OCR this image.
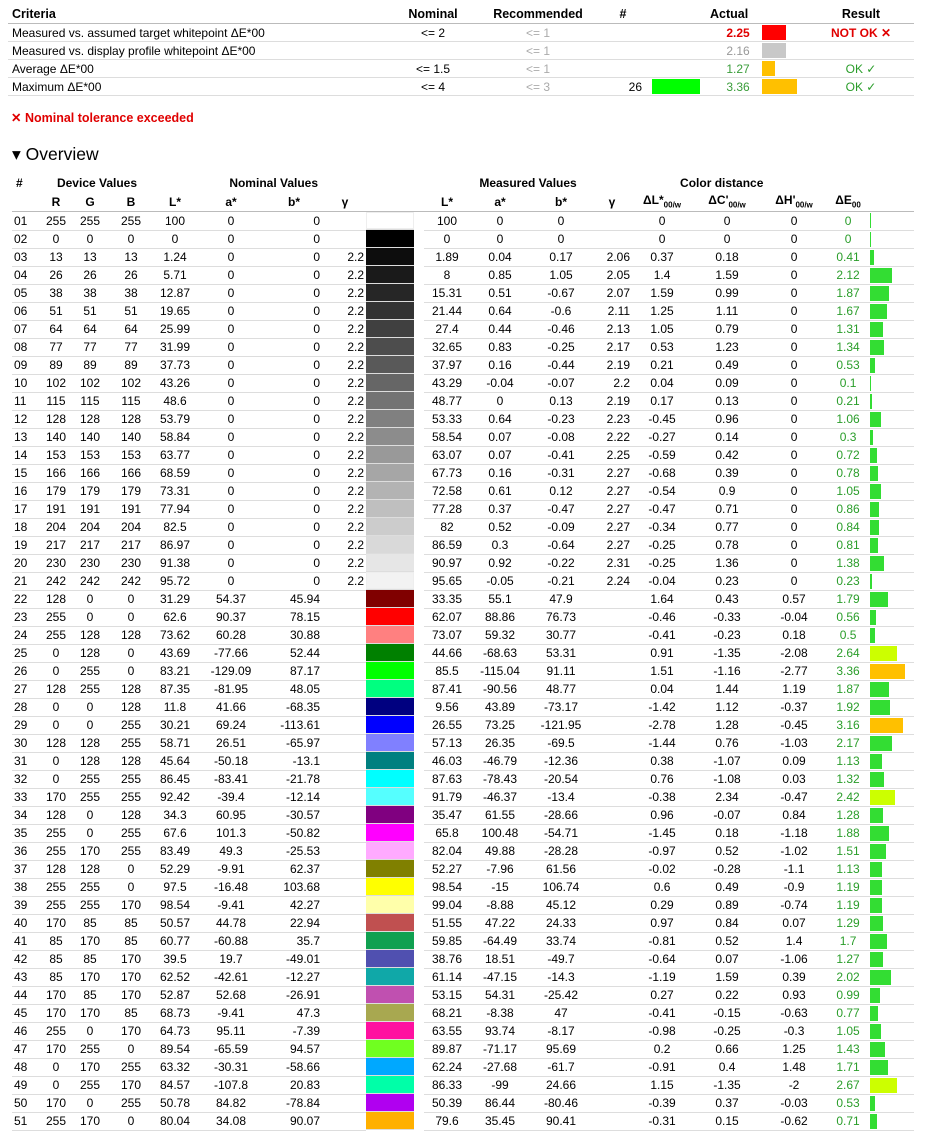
Criteria	Nominal	Recommended	#	Actual			Result
Measured vs. assumed target whitepoint ΔE*00	<= 2	<= 1			2.25		NOT OK ✕
Measured vs. display profile whitepoint ΔE*00		<= 1			2.16	

Average ΔE*00	<= 1.5	<= 1			1.27		OK ✓
Maximum ΔE*00	<= 4	<= 3	26		3.36		OK ✓
✕ Nominal tolerance exceeded
▾ Overview
#	Device Values			Nominal Values					Measured Values				Color distance				
	R	G	B	L*	a*	b*	γ		L*	a*	b*	γ	$\Delta L*_{00/w}$	$\Delta C'_{00/w}$	$\Delta H'_{00/w}$	$\Delta E_{00}$	
01	255	255	255	100	0	0		100	0	0		0	0	0	0	

02	0	0	0	0	0	0		0	0	0		0	0	0	0	

03	13	13	13	1.24	0	0	2.2	1.89	0.04	0.17	2.06	0.37	0.18	0	0.41	

04	26	26	26	5.71	0	0	2.2	8	0.85	1.05	2.05	1.4	1.59	0	2.12	

05	38	38	38	12.87	0	0	2.2	15.31	0.51	-0.67	2.07	1.59	0.99	0	1.87	

06	51	51	51	19.65	0	0	2.2	21.44	0.64	-0.6	2.11	1.25	1.11	0	1.67	

07	64	64	64	25.99	0	0	2.2	27.4	0.44	-0.46	2.13	1.05	0.79	0	1.31	

08	77	77	77	31.99	0	0	2.2	32.65	0.83	-0.25	2.17	0.53	1.23	0	1.34	

09	89	89	89	37.73	0	0	2.2	37.97	0.16	-0.44	2.19	0.21	0.49	0	0.53	

10	102	102	102	43.26	0	0	2.2	43.29	-0.04	-0.07	2.2	0.04	0.09	0	0.1	

11	115	115	115	48.6	0	0	2.2	48.77	0	0.13	2.19	0.17	0.13	0	0.21	

12	128	128	128	53.79	0	0	2.2	53.33	0.64	-0.23	2.23	-0.45	0.96	0	1.06	

13	140	140	140	58.84	0	0	2.2	58.54	0.07	-0.08	2.22	-0.27	0.14	0	0.3	

14	153	153	153	63.77	0	0	2.2	63.07	0.07	-0.41	2.25	-0.59	0.42	0	0.72	

15	166	166	166	68.59	0	0	2.2	67.73	0.16	-0.31	2.27	-0.68	0.39	0	0.78	

16	179	179	179	73.31	0	0	2.2	72.58	0.61	0.12	2.27	-0.54	0.9	0	1.05	

17	191	191	191	77.94	0	0	2.2	77.28	0.37	-0.47	2.27	-0.47	0.71	0	0.86	

18	204	204	204	82.5	0	0	2.2	82	0.52	-0.09	2.27	-0.34	0.77	0	0.84	

19	217	217	217	86.97	0	0	2.2	86.59	0.3	-0.64	2.27	-0.25	0.78	0	0.81	

20	230	230	230	91.38	0	0	2.2	90.97	0.92	-0.22	2.31	-0.25	1.36	0	1.38	

21	242	242	242	95.72	0	0	2.2	95.65	-0.05	-0.21	2.24	-0.04	0.23	0	0.23	

22	128	0	0	31.29	54.37	45.94		33.35	55.1	47.9		1.64	0.43	0.57	1.79	

23	255	0	0	62.6	90.37	78.15		62.07	88.86	76.73		-0.46	-0.33	-0.04	0.56	

24	255	128	128	73.62	60.28	30.88		73.07	59.32	30.77		-0.41	-0.23	0.18	0.5	

25	0	128	0	43.69	-77.66	52.44		44.66	-68.63	53.31		0.91	-1.35	-2.08	2.64	

26	0	255	0	83.21	-129.09	87.17		85.5	-115.04	91.11		1.51	-1.16	-2.77	3.36	

27	128	255	128	87.35	-81.95	48.05		87.41	-90.56	48.77		0.04	1.44	1.19	1.87	

28	0	0	128	11.8	41.66	-68.35		9.56	43.89	-73.17		-1.42	1.12	-0.37	1.92	

29	0	0	255	30.21	69.24	-113.61		26.55	73.25	-121.95		-2.78	1.28	-0.45	3.16	

30	128	128	255	58.71	26.51	-65.97		57.13	26.35	-69.5		-1.44	0.76	-1.03	2.17	

31	0	128	128	45.64	-50.18	-13.1		46.03	-46.79	-12.36		0.38	-1.07	0.09	1.13	

32	0	255	255	86.45	-83.41	-21.78		87.63	-78.43	-20.54		0.76	-1.08	0.03	1.32	

33	170	255	255	92.42	-39.4	-12.14		91.79	-46.37	-13.4		-0.38	2.34	-0.47	2.42	

34	128	0	128	34.3	60.95	-30.57		35.47	61.55	-28.66		0.96	-0.07	0.84	1.28	

35	255	0	255	67.6	101.3	-50.82		65.8	100.48	-54.71		-1.45	0.18	-1.18	1.88	

36	255	170	255	83.49	49.3	-25.53		82.04	49.88	-28.28		-0.97	0.52	-1.02	1.51	

37	128	128	0	52.29	-9.91	62.37		52.27	-7.96	61.56		-0.02	-0.28	-1.1	1.13	

38	255	255	0	97.5	-16.48	103.68		98.54	-15	106.74		0.6	0.49	-0.9	1.19	

39	255	255	170	98.54	-9.41	42.27		99.04	-8.88	45.12		0.29	0.89	-0.74	1.19	

40	170	85	85	50.57	44.78	22.94		51.55	47.22	24.33		0.97	0.84	0.07	1.29	

41	85	170	85	60.77	-60.88	35.7		59.85	-64.49	33.74		-0.81	0.52	1.4	1.7	

42	85	85	170	39.5	19.7	-49.01		38.76	18.51	-49.7		-0.64	0.07	-1.06	1.27	

43	85	170	170	62.52	-42.61	-12.27		61.14	-47.15	-14.3		-1.19	1.59	0.39	2.02	

44	170	85	170	52.87	52.68	-26.91		53.15	54.31	-25.42		0.27	0.22	0.93	0.99	

45	170	170	85	68.73	-9.41	47.3		68.21	-8.38	47		-0.41	-0.15	-0.63	0.77	

46	255	0	170	64.73	95.11	-7.39		63.55	93.74	-8.17		-0.98	-0.25	-0.3	1.05	

47	170	255	0	89.54	-65.59	94.57		89.87	-71.17	95.69		0.2	0.66	1.25	1.43	

48	0	170	255	63.32	-30.31	-58.66		62.24	-27.68	-61.7		-0.91	0.4	1.48	1.71	

49	0	255	170	84.57	-107.8	20.83		86.33	-99	24.66		1.15	-1.35	-2	2.67	

50	170	0	255	50.78	84.82	-78.84		50.39	86.44	-80.46		-0.39	0.37	-0.03	0.53	

51	255	170	0	80.04	34.08	90.07		79.6	35.45	90.41		-0.31	0.15	-0.62	0.71	
